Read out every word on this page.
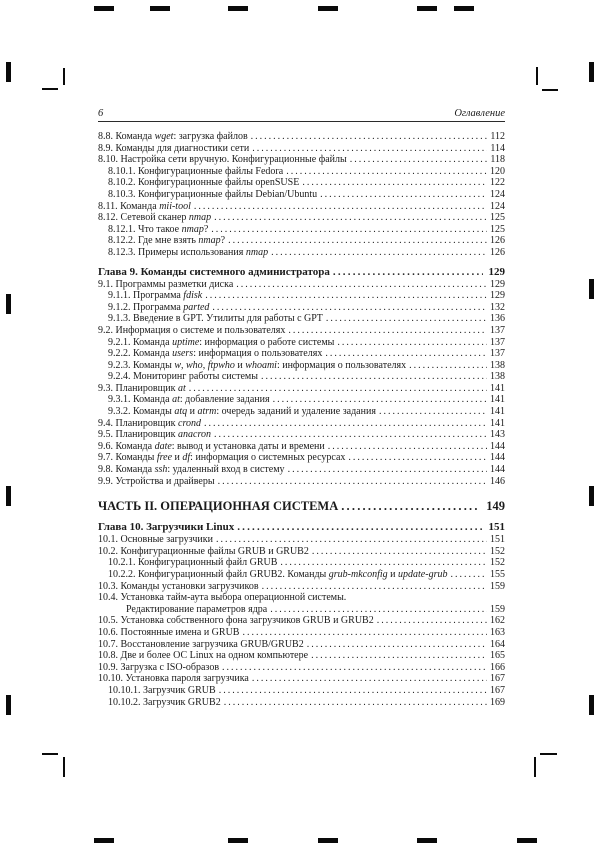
6	Оглавление
8.8. Команда wget: загрузка файлов .....	112
8.9. Команды для диагностики сети .....	114
8.10. Настройка сети вручную. Конфигурационные файлы .....	118
8.10.1. Конфигурационные файлы Fedora .....	120
8.10.2. Конфигурационные файлы openSUSE .....	122
8.10.3. Конфигурационные файлы Debian/Ubuntu .....	124
8.11. Команда mii-tool .....	124
8.12. Сетевой сканер nmap .....	125
8.12.1. Что такое nmap? .....	125
8.12.2. Где мне взять nmap? .....	126
8.12.3. Примеры использования nmap .....	126
Глава 9. Команды системного администратора .....	129
9.1. Программы разметки диска .....	129
9.1.1. Программа fdisk .....	129
9.1.2. Программа parted .....	132
9.1.3. Введение в GPT. Утилиты для работы с GPT .....	136
9.2. Информация о системе и пользователях .....	137
9.2.1. Команда uptime: информация о работе системы .....	137
9.2.2. Команда users: информация о пользователях .....	137
9.2.3. Команды w, who, ftpwho и whoami: информация о пользователях .....	138
9.2.4. Мониторинг работы системы .....	138
9.3. Планировщик at .....	141
9.3.1. Команда at: добавление задания .....	141
9.3.2. Команды atq и atrm: очередь заданий и удаление задания .....	141
9.4. Планировщик crond .....	141
9.5. Планировщик anacron .....	143
9.6. Команда date: вывод и установка даты и времени .....	144
9.7. Команды free и df: информация о системных ресурсах .....	144
9.8. Команда ssh: удаленный вход в систему .....	144
9.9. Устройства и драйверы .....	146
ЧАСТЬ II. ОПЕРАЦИОННАЯ СИСТЕМА .....	149
Глава 10. Загрузчики Linux .....	151
10.1. Основные загрузчики .....	151
10.2. Конфигурационные файлы GRUB и GRUB2 .....	152
10.2.1. Конфигурационный файл GRUB .....	152
10.2.2. Конфигурационный файл GRUB2. Команды grub-mkconfig и update-grub .....	155
10.3. Команды установки загрузчиков .....	159
10.4. Установка тайм-аута выбора операционной системы.
Редактирование параметров ядра .....	159
10.5. Установка собственного фона загрузчиков GRUB и GRUB2 .....	162
10.6. Постоянные имена и GRUB .....	163
10.7. Восстановление загрузчика GRUB/GRUB2 .....	164
10.8. Две и более ОС Linux на одном компьютере .....	165
10.9. Загрузка с ISO-образов .....	166
10.10. Установка пароля загрузчика .....	167
10.10.1. Загрузчик GRUB .....	167
10.10.2. Загрузчик GRUB2 .....	169
